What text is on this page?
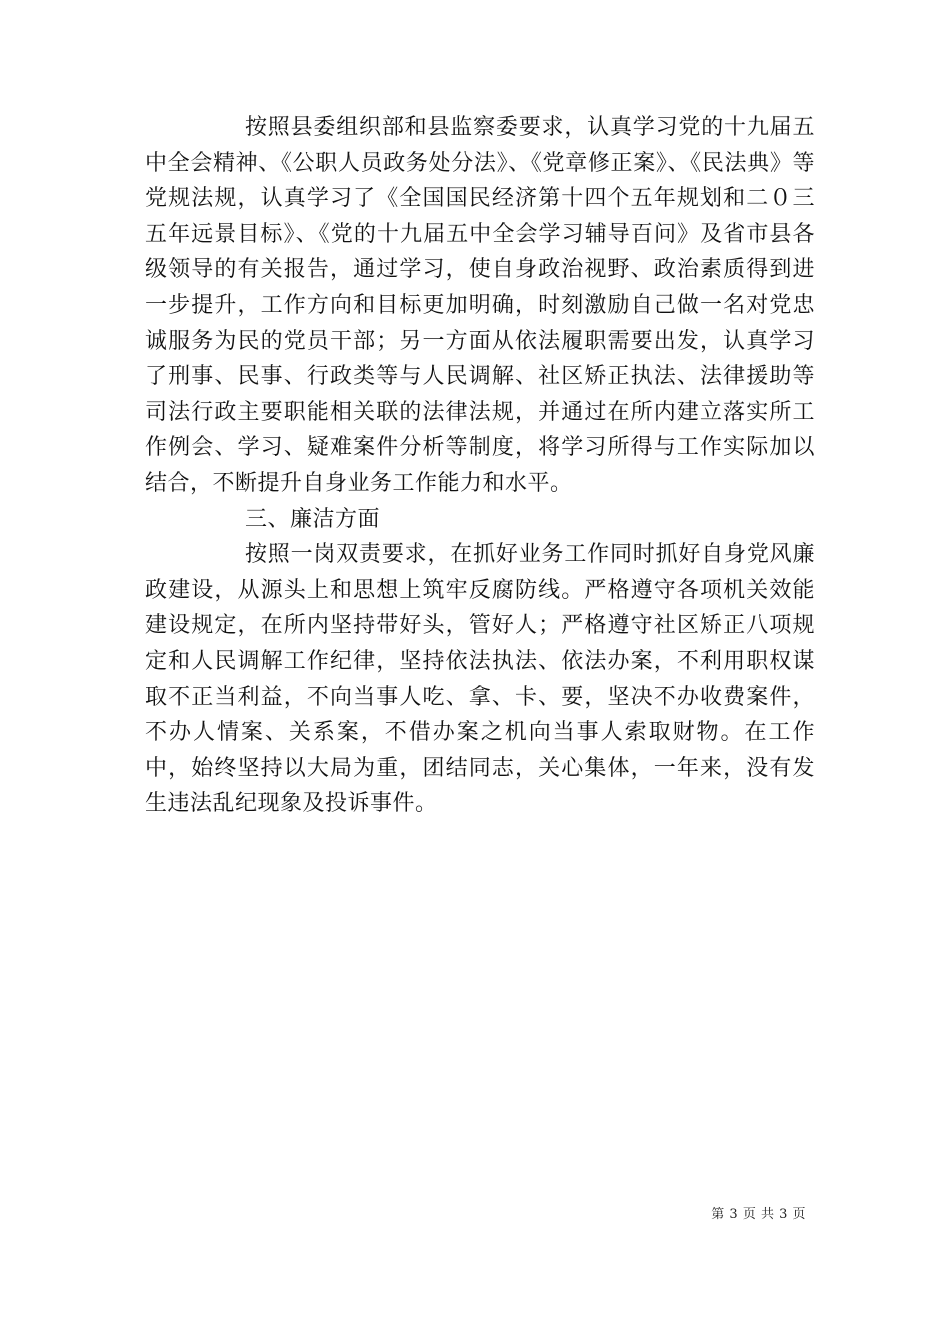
按照县委组织部和县监察委要求，认真学习党的十九届五中全会精神、《公职人员政务处分法》、《党章修正案》、《民法典》等党规法规，认真学习了《全国国民经济第十四个五年规划和二０三五年远景目标》、《党的十九届五中全会学习辅导百问》及省市县各级领导的有关报告，通过学习，使自身政治视野、政治素质得到进一步提升，工作方向和目标更加明确，时刻激励自己做一名对党忠诚服务为民的党员干部；另一方面从依法履职需要出发，认真学习了刑事、民事、行政类等与人民调解、社区矫正执法、法律援助等司法行政主要职能相关联的法律法规，并通过在所内建立落实所工作例会、学习、疑难案件分析等制度，将学习所得与工作实际加以结合，不断提升自身业务工作能力和水平。

三、廉洁方面

按照一岗双责要求，在抓好业务工作同时抓好自身党风廉政建设，从源头上和思想上筑牢反腐防线。严格遵守各项机关效能建设规定，在所内坚持带好头，管好人；严格遵守社区矫正八项规定和人民调解工作纪律，坚持依法执法、依法办案，不利用职权谋取不正当利益，不向当事人吃、拿、卡、要，坚决不办收费案件，不办人情案、关系案，不借办案之机向当事人索取财物。在工作中，始终坚持以大局为重，团结同志，关心集体，一年来，没有发生违法乱纪现象及投诉事件。

第 3 页 共 3 页
